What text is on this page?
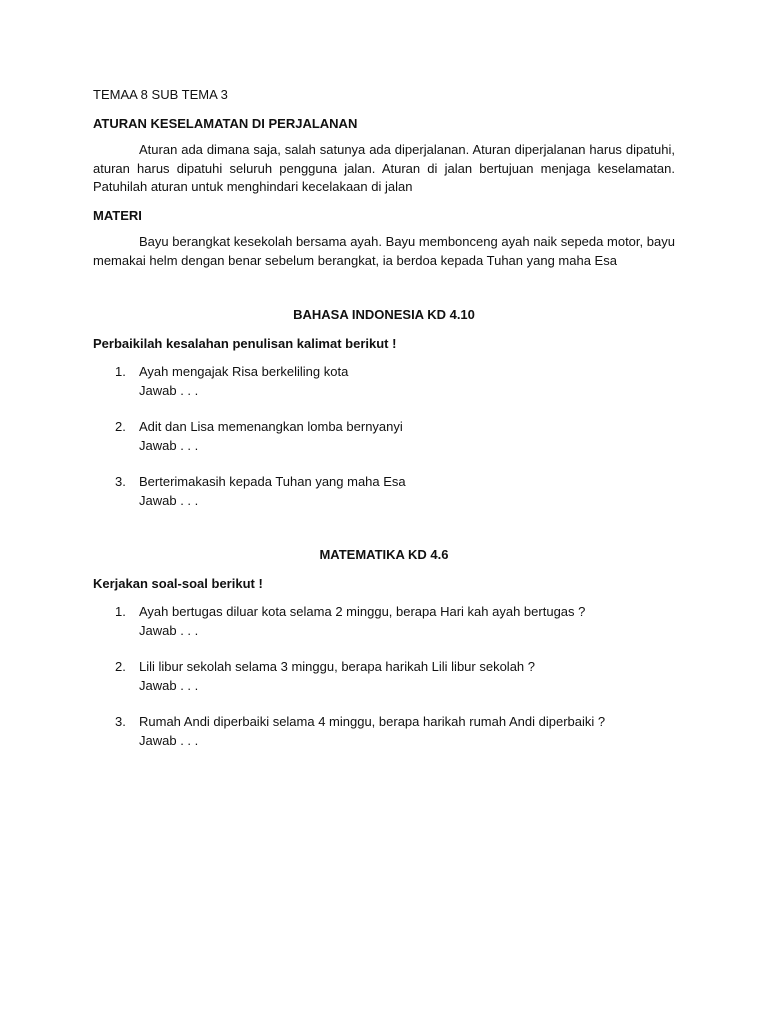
TEMAA 8 SUB TEMA 3

ATURAN KESELAMATAN DI PERJALANAN

Aturan ada dimana saja, salah satunya ada diperjalanan. Aturan diperjalanan harus dipatuhi, aturan harus dipatuhi seluruh pengguna jalan. Aturan di jalan bertujuan menjaga keselamatan. Patuhilah aturan untuk menghindari kecelakaan di jalan

MATERI

Bayu berangkat kesekolah bersama ayah. Bayu membonceng ayah naik sepeda motor, bayu memakai helm dengan benar sebelum berangkat, ia berdoa kepada Tuhan yang maha Esa

BAHASA INDONESIA KD 4.10

Perbaikilah kesalahan penulisan kalimat berikut !

1. Ayah mengajak Risa berkeliling kota
Jawab . . .
2. Adit dan Lisa memenangkan lomba bernyanyi
Jawab . . .
3. Berterimakasih kepada Tuhan yang maha Esa
Jawab . . .

MATEMATIKA KD 4.6

Kerjakan soal-soal berikut !

1. Ayah bertugas diluar kota selama 2 minggu, berapa Hari kah ayah bertugas ?
Jawab . . .
2. Lili libur sekolah selama 3 minggu, berapa harikah Lili libur sekolah ?
Jawab . . .
3. Rumah Andi diperbaiki selama 4 minggu, berapa harikah rumah Andi diperbaiki ?
Jawab . . .
